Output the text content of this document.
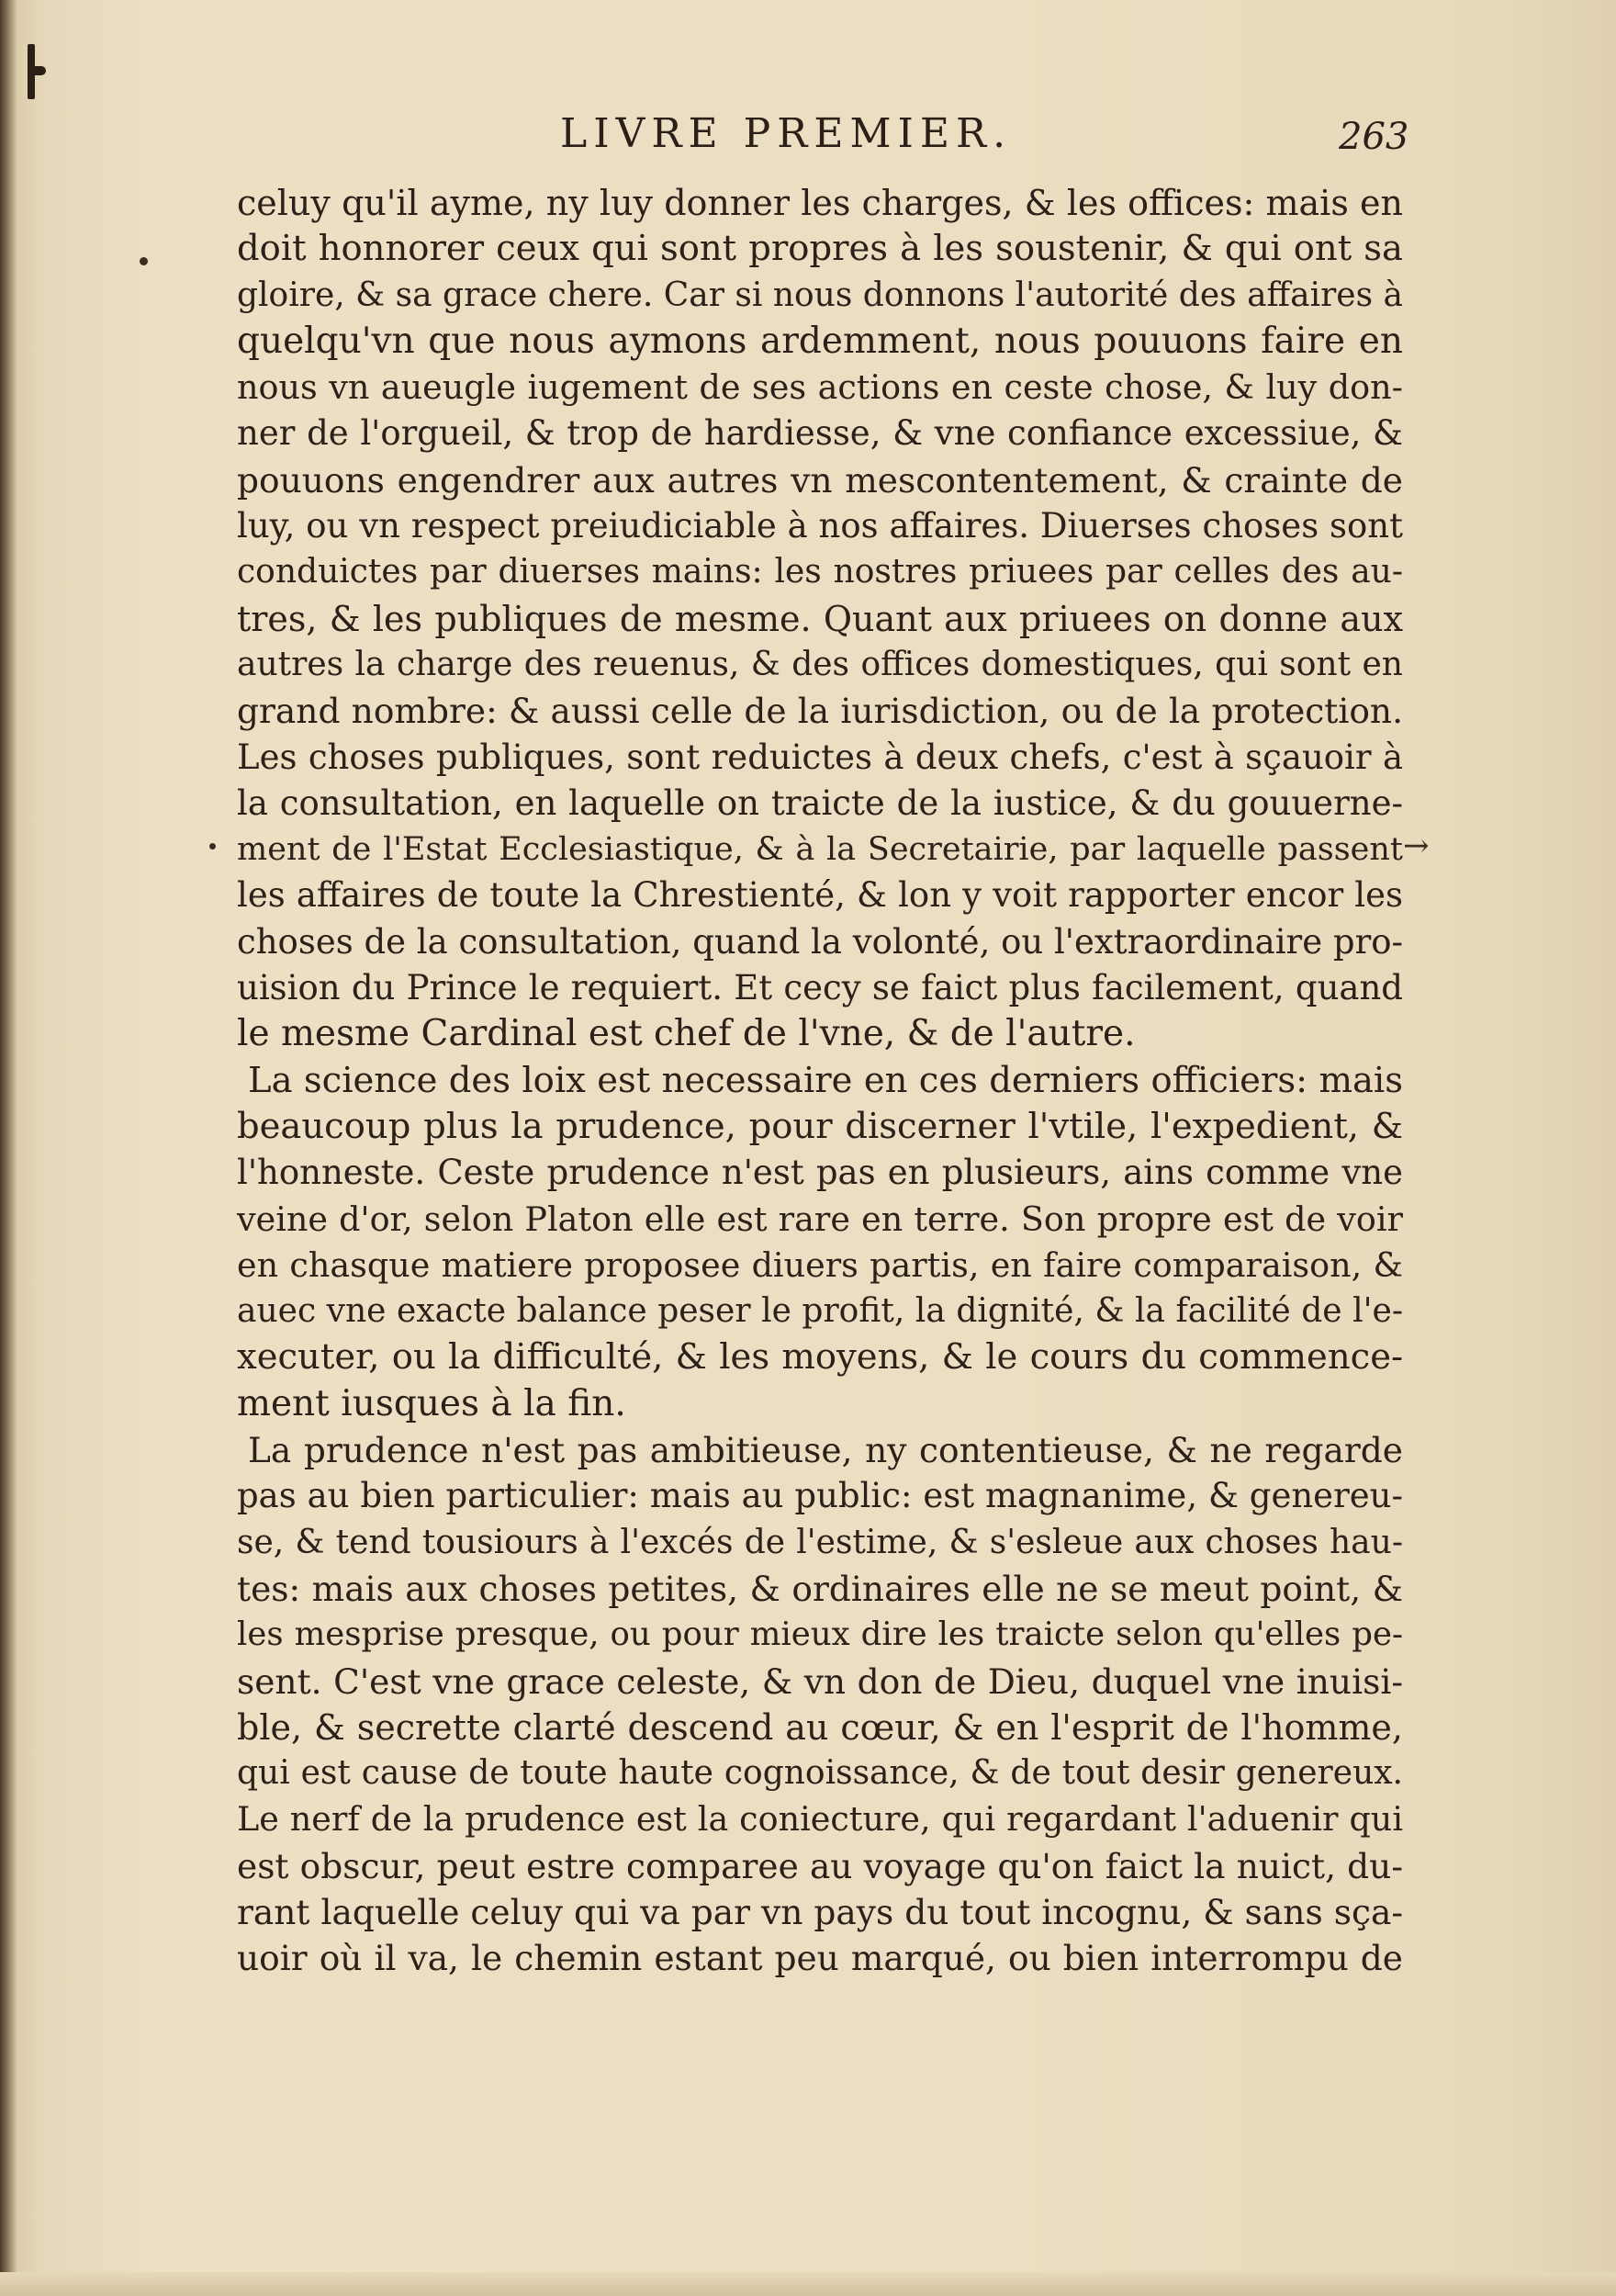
LIVRE PREMIER.	263
→
celuy qu'il ayme, ny luy donner les charges, & les offices: mais en
doit honnorer ceux qui sont propres à les soustenir, & qui ont sa
gloire, & sa grace chere. Car si nous donnons l'autorité des affaires à
quelqu'vn que nous aymons ardemment, nous pouuons faire en
nous vn aueugle iugement de ses actions en ceste chose, & luy don-
ner de l'orgueil, & trop de hardiesse, & vne confiance excessiue, &
pouuons engendrer aux autres vn mescontentement, & crainte de
luy, ou vn respect preiudiciable à nos affaires. Diuerses choses sont
conduictes par diuerses mains: les nostres priuees par celles des au-
tres, & les publiques de mesme. Quant aux priuees on donne aux
autres la charge des reuenus, & des offices domestiques, qui sont en
grand nombre: & aussi celle de la iurisdiction, ou de la protection.
Les choses publiques, sont reduictes à deux chefs, c'est à sçauoir à
la consultation, en laquelle on traicte de la iustice, & du gouuerne-
ment de l'Estat Ecclesiastique, & à la Secretairie, par laquelle passent
les affaires de toute la Chrestienté, & lon y voit rapporter encor les
choses de la consultation, quand la volonté, ou l'extraordinaire pro-
uision du Prince le requiert. Et cecy se faict plus facilement, quand
le mesme Cardinal est chef de l'vne, & de l'autre.
La science des loix est necessaire en ces derniers officiers: mais
beaucoup plus la prudence, pour discerner l'vtile, l'expedient, &
l'honneste. Ceste prudence n'est pas en plusieurs, ains comme vne
veine d'or, selon Platon elle est rare en terre. Son propre est de voir
en chasque matiere proposee diuers partis, en faire comparaison, &
auec vne exacte balance peser le profit, la dignité, & la facilité de l'e-
xecuter, ou la difficulté, & les moyens, & le cours du commence-
ment iusques à la fin.
La prudence n'est pas ambitieuse, ny contentieuse, & ne regarde
pas au bien particulier: mais au public: est magnanime, & genereu-
se, & tend tousiours à l'excés de l'estime, & s'esleue aux choses hau-
tes: mais aux choses petites, & ordinaires elle ne se meut point, &
les mesprise presque, ou pour mieux dire les traicte selon qu'elles pe-
sent. C'est vne grace celeste, & vn don de Dieu, duquel vne inuisi-
ble, & secrette clarté descend au cœur, & en l'esprit de l'homme,
qui est cause de toute haute cognoissance, & de tout desir genereux.
Le nerf de la prudence est la coniecture, qui regardant l'aduenir qui
est obscur, peut estre comparee au voyage qu'on faict la nuict, du-
rant laquelle celuy qui va par vn pays du tout incognu, & sans sça-
uoir où il va, le chemin estant peu marqué, ou bien interrompu de
